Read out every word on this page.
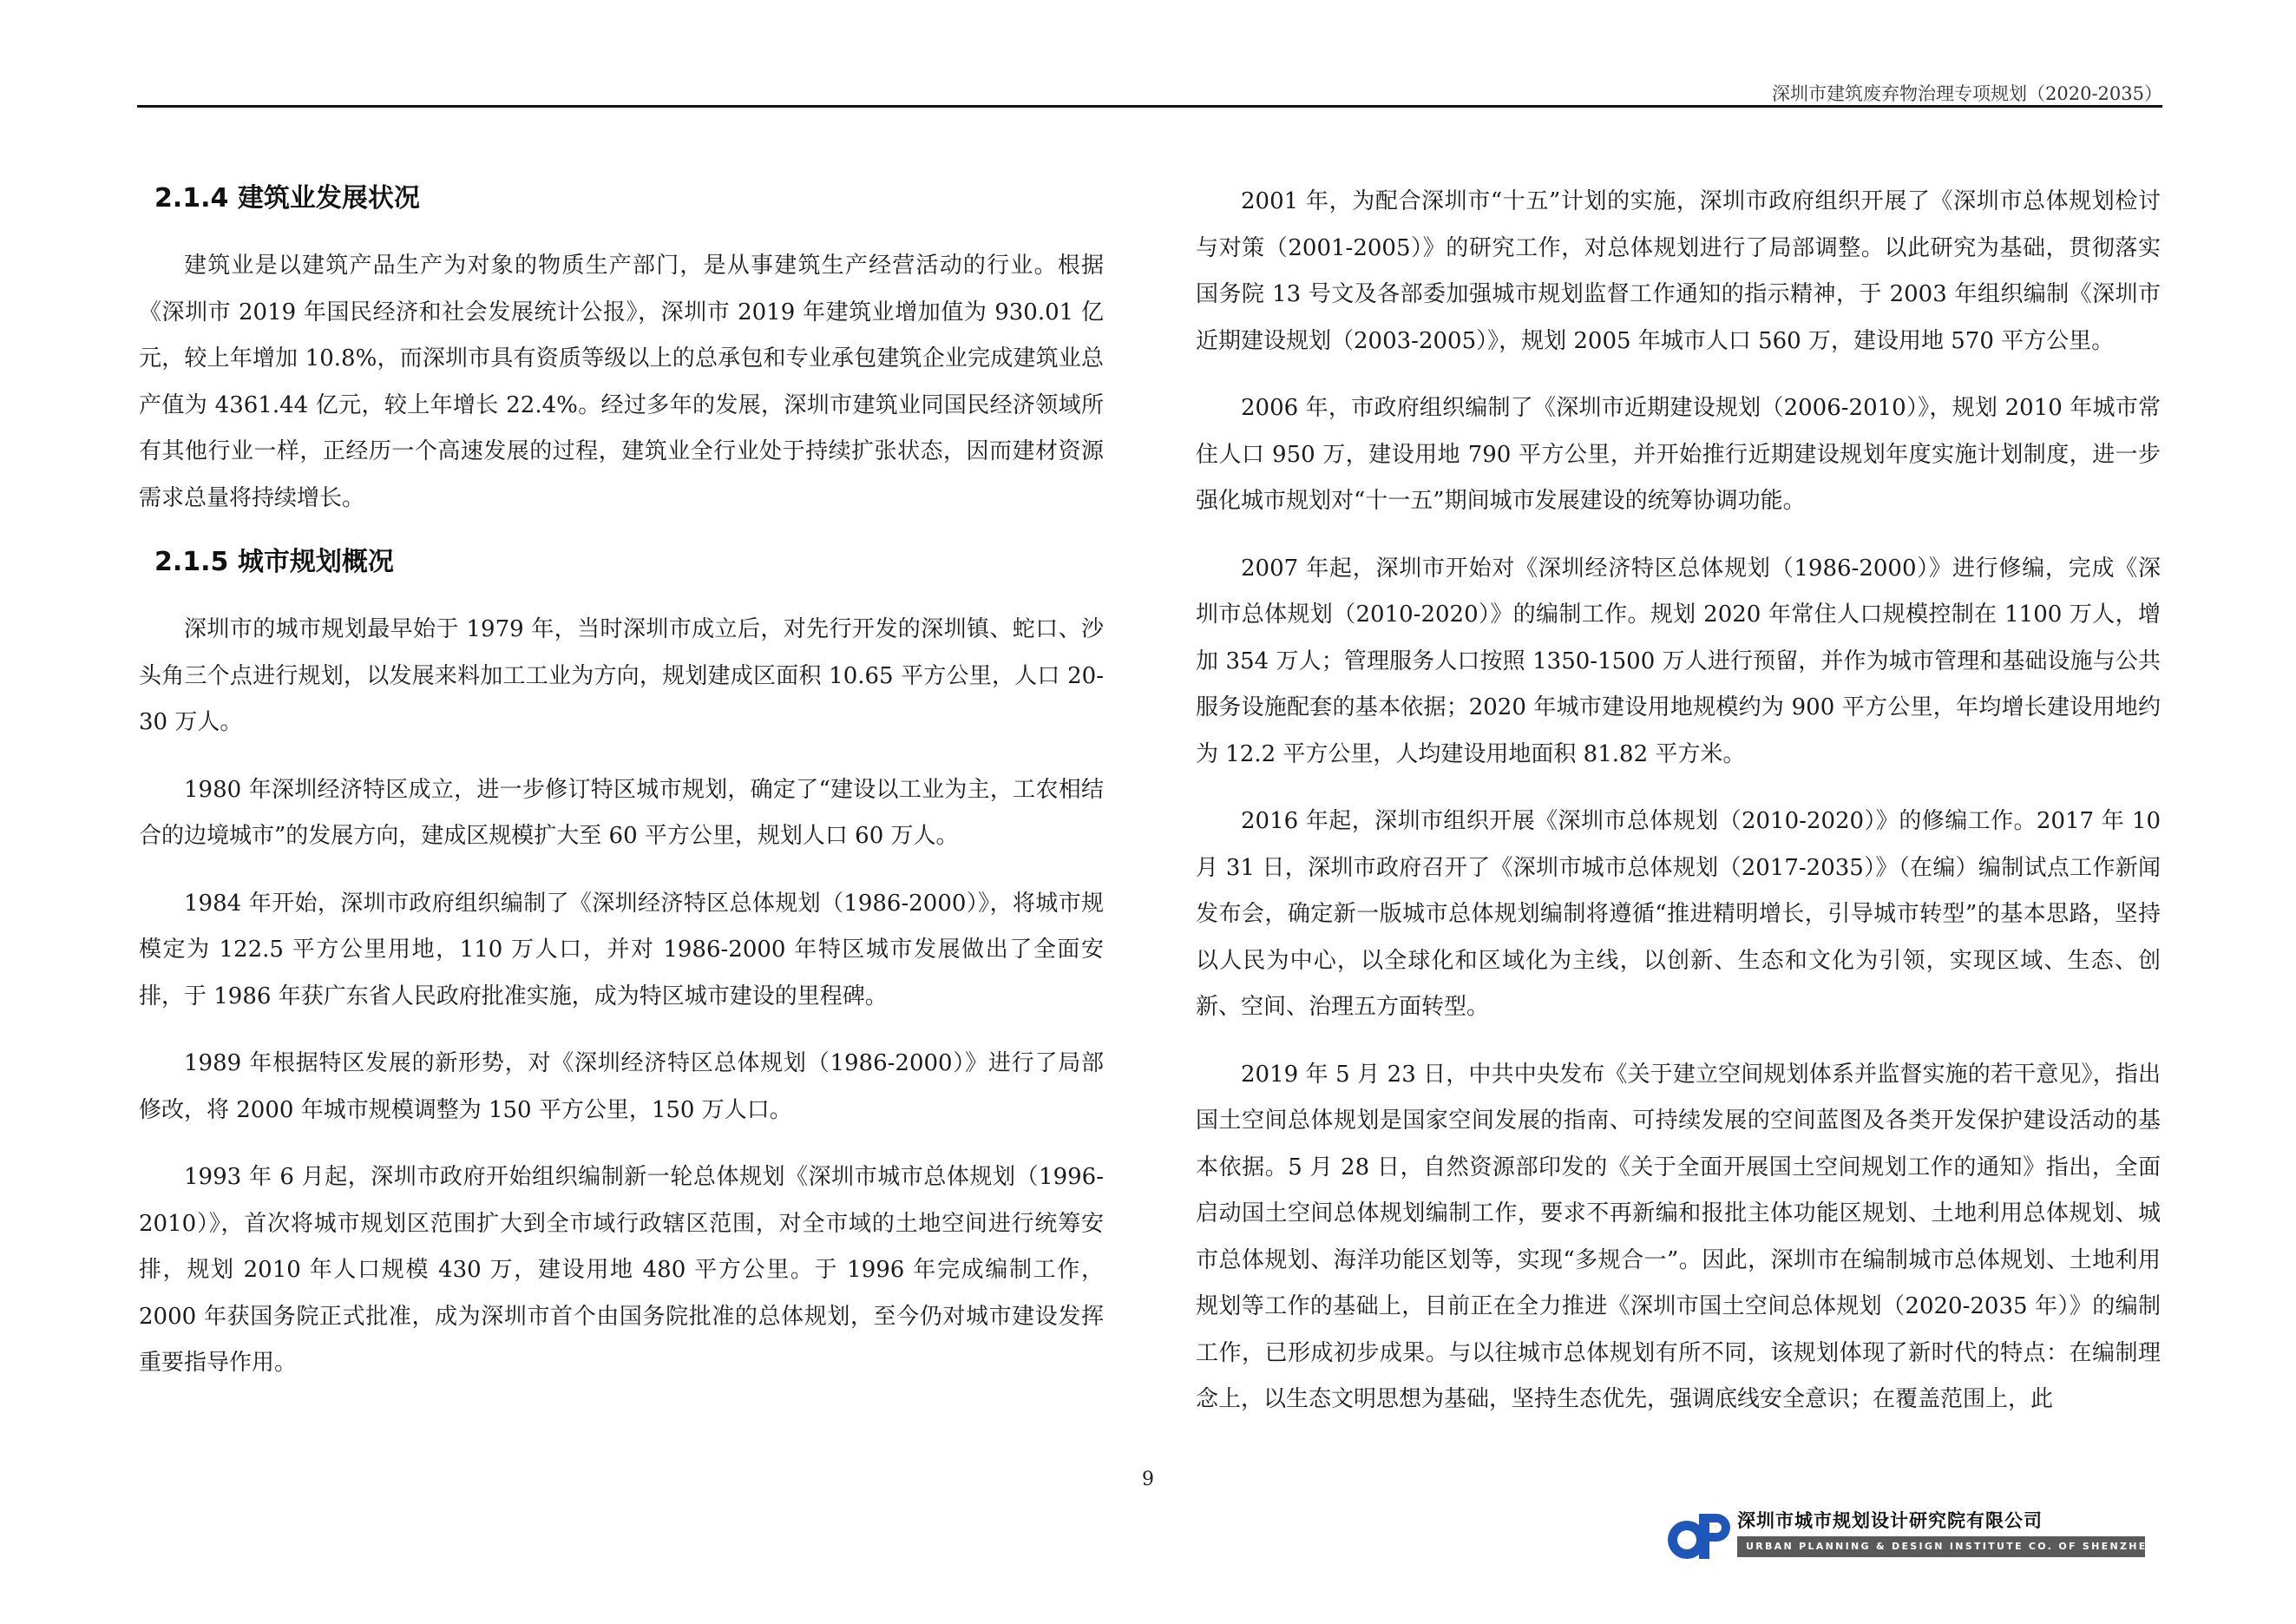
深圳市建筑废弃物治理专项规划（2020-2035）
2.1.4 建筑业发展状况

建筑业是以建筑产品生产为对象的物质生产部门，是从事建筑生产经营活动的行业。根据《深圳市 2019 年国民经济和社会发展统计公报》，深圳市 2019 年建筑业增加值为 930.01 亿元，较上年增加 10.8%，而深圳市具有资质等级以上的总承包和专业承包建筑企业完成建筑业总产值为 4361.44 亿元，较上年增长 22.4%。经过多年的发展，深圳市建筑业同国民经济领域所有其他行业一样，正经历一个高速发展的过程，建筑业全行业处于持续扩张状态，因而建材资源需求总量将持续增长。

2.1.5 城市规划概况

深圳市的城市规划最早始于 1979 年，当时深圳市成立后，对先行开发的深圳镇、蛇口、沙头角三个点进行规划，以发展来料加工工业为方向，规划建成区面积 10.65 平方公里，人口 20-30 万人。

1980 年深圳经济特区成立，进一步修订特区城市规划，确定了“建设以工业为主，工农相结合的边境城市”的发展方向，建成区规模扩大至 60 平方公里，规划人口 60 万人。

1984 年开始，深圳市政府组织编制了《深圳经济特区总体规划（1986-2000）》，将城市规模定为 122.5 平方公里用地，110 万人口，并对 1986-2000 年特区城市发展做出了全面安排，于 1986 年获广东省人民政府批准实施，成为特区城市建设的里程碑。

1989 年根据特区发展的新形势，对《深圳经济特区总体规划（1986-2000）》进行了局部修改，将 2000 年城市规模调整为 150 平方公里，150 万人口。

1993 年 6 月起，深圳市政府开始组织编制新一轮总体规划《深圳市城市总体规划（1996-2010）》，首次将城市规划区范围扩大到全市域行政辖区范围，对全市域的土地空间进行统筹安排，规划 2010 年人口规模 430 万，建设用地 480 平方公里。于 1996 年完成编制工作，2000 年获国务院正式批准，成为深圳市首个由国务院批准的总体规划，至今仍对城市建设发挥重要指导作用。

2001 年，为配合深圳市“十五”计划的实施，深圳市政府组织开展了《深圳市总体规划检讨与对策（2001-2005）》的研究工作，对总体规划进行了局部调整。以此研究为基础，贯彻落实国务院 13 号文及各部委加强城市规划监督工作通知的指示精神，于 2003 年组织编制《深圳市近期建设规划（2003-2005）》，规划 2005 年城市人口 560 万，建设用地 570 平方公里。

2006 年，市政府组织编制了《深圳市近期建设规划（2006-2010）》，规划 2010 年城市常住人口 950 万，建设用地 790 平方公里，并开始推行近期建设规划年度实施计划制度，进一步强化城市规划对“十一五”期间城市发展建设的统筹协调功能。

2007 年起，深圳市开始对《深圳经济特区总体规划（1986-2000）》进行修编，完成《深圳市总体规划（2010-2020）》的编制工作。规划 2020 年常住人口规模控制在 1100 万人，增加 354 万人；管理服务人口按照 1350-1500 万人进行预留，并作为城市管理和基础设施与公共服务设施配套的基本依据；2020 年城市建设用地规模约为 900 平方公里，年均增长建设用地约为 12.2 平方公里，人均建设用地面积 81.82 平方米。

2016 年起，深圳市组织开展《深圳市总体规划（2010-2020）》的修编工作。2017 年 10 月 31 日，深圳市政府召开了《深圳市城市总体规划（2017-2035）》（在编）编制试点工作新闻发布会，确定新一版城市总体规划编制将遵循“推进精明增长，引导城市转型”的基本思路，坚持以人民为中心，以全球化和区域化为主线，以创新、生态和文化为引领，实现区域、生态、创新、空间、治理五方面转型。

2019 年 5 月 23 日，中共中央发布《关于建立空间规划体系并监督实施的若干意见》，指出国土空间总体规划是国家空间发展的指南、可持续发展的空间蓝图及各类开发保护建设活动的基本依据。5 月 28 日，自然资源部印发的《关于全面开展国土空间规划工作的通知》指出，全面启动国土空间总体规划编制工作，要求不再新编和报批主体功能区规划、土地利用总体规划、城市总体规划、海洋功能区划等，实现“多规合一”。因此，深圳市在编制城市总体规划、土地利用规划等工作的基础上，目前正在全力推进《深圳市国土空间总体规划（2020-2035 年）》的编制工作，已形成初步成果。与以往城市总体规划有所不同，该规划体现了新时代的特点：在编制理念上，以生态文明思想为基础，坚持生态优先，强调底线安全意识；在覆盖范围上，此

9
深圳市城市规划设计研究院有限公司
URBAN PLANNING & DESIGN INSTITUTE CO. OF SHENZHEN
